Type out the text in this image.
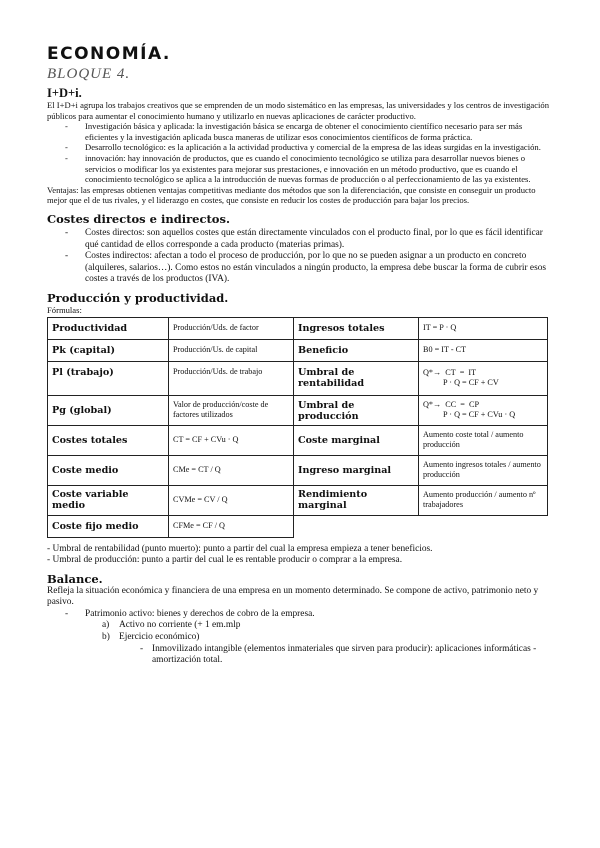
ECONOMÍA.
BLOQUE 4.
I+D+i.

El I+D+i agrupa los trabajos creativos que se emprenden de un modo sistemático en las empresas, las universidades y los centros de investigación públicos para aumentar el conocimiento humano y utilizarlo en nuevas aplicaciones de carácter productivo.

- Investigación básica y aplicada: la investigación básica se encarga de obtener el conocimiento científico necesario para ser más eficientes y la investigación aplicada busca maneras de utilizar esos conocimientos científicos de forma práctica.
- Desarrollo tecnológico: es la aplicación a la actividad productiva y comercial de la empresa de las ideas surgidas en la investigación.
- innovación: hay innovación de productos, que es cuando el conocimiento tecnológico se utiliza para desarrollar nuevos bienes o servicios o modificar los ya existentes para mejorar sus prestaciones, e innovación en un método productivo, que es cuando el conocimiento tecnológico se aplica a la introducción de nuevas formas de producción o al perfeccionamiento de las ya existentes.

Ventajas: las empresas obtienen ventajas competitivas mediante dos métodos que son la diferenciación, que consiste en conseguir un producto mejor que el de tus rivales, y el liderazgo en costes, que consiste en reducir los costes de producción para bajar los precios.

Costes directos e indirectos.
- Costes directos: son aquellos costes que están directamente vinculados con el producto final, por lo que es fácil identificar qué cantidad de ellos corresponde a cada producto (materias primas).
- Costes indirectos: afectan a todo el proceso de producción, por lo que no se pueden asignar a un producto en concreto (alquileres, salarios…). Como estos no están vinculados a ningún producto, la empresa debe buscar la forma de cubrir esos costes a través de los productos (IVA).
Producción y productividad.
Fórmulas:
Productividad	Producción/Uds. de factor	Ingresos totales	IT = P · Q
Pk (capital)	Producción/Us. de capital	Beneficio	B0 = IT - CT
Pl (trabajo)	Producción/Uds. de trabajo	Umbral de rentabilidad	Q*→  CT  =  IT
P · Q = CF + CV

Pg (global)	Valor de producción/coste de factores utilizados	Umbral de producción	Q*→  CC  =  CP
P · Q = CF + CVu · Q

Costes totales	CT = CF + CVu · Q	Coste marginal	Aumento coste total / aumento producción
Coste medio	CMe = CT / Q	Ingreso marginal	Aumento ingresos totales / aumento producción
Coste variable medio	CVMe = CV / Q	Rendimiento marginal	Aumento producción / aumento nº trabajadores
Coste fijo medio	CFMe = CF / Q		

- Umbral de rentabilidad (punto muerto): punto a partir del cual la empresa empieza a tener beneficios.

- Umbral de producción: punto a partir del cual le es rentable producir o comprar a la empresa.

Balance.

Refleja la situación económica y financiera de una empresa en un momento determinado. Se compone de activo, patrimonio neto y pasivo.

- Patrimonio activo: bienes y derechos de cobro de la empresa.
a) Activo no corriente (+ 1 em.mlp
b) Ejercicio económico)
- Inmovilizado intangible (elementos inmateriales que sirven para producir): aplicaciones informáticas - amortización total.
